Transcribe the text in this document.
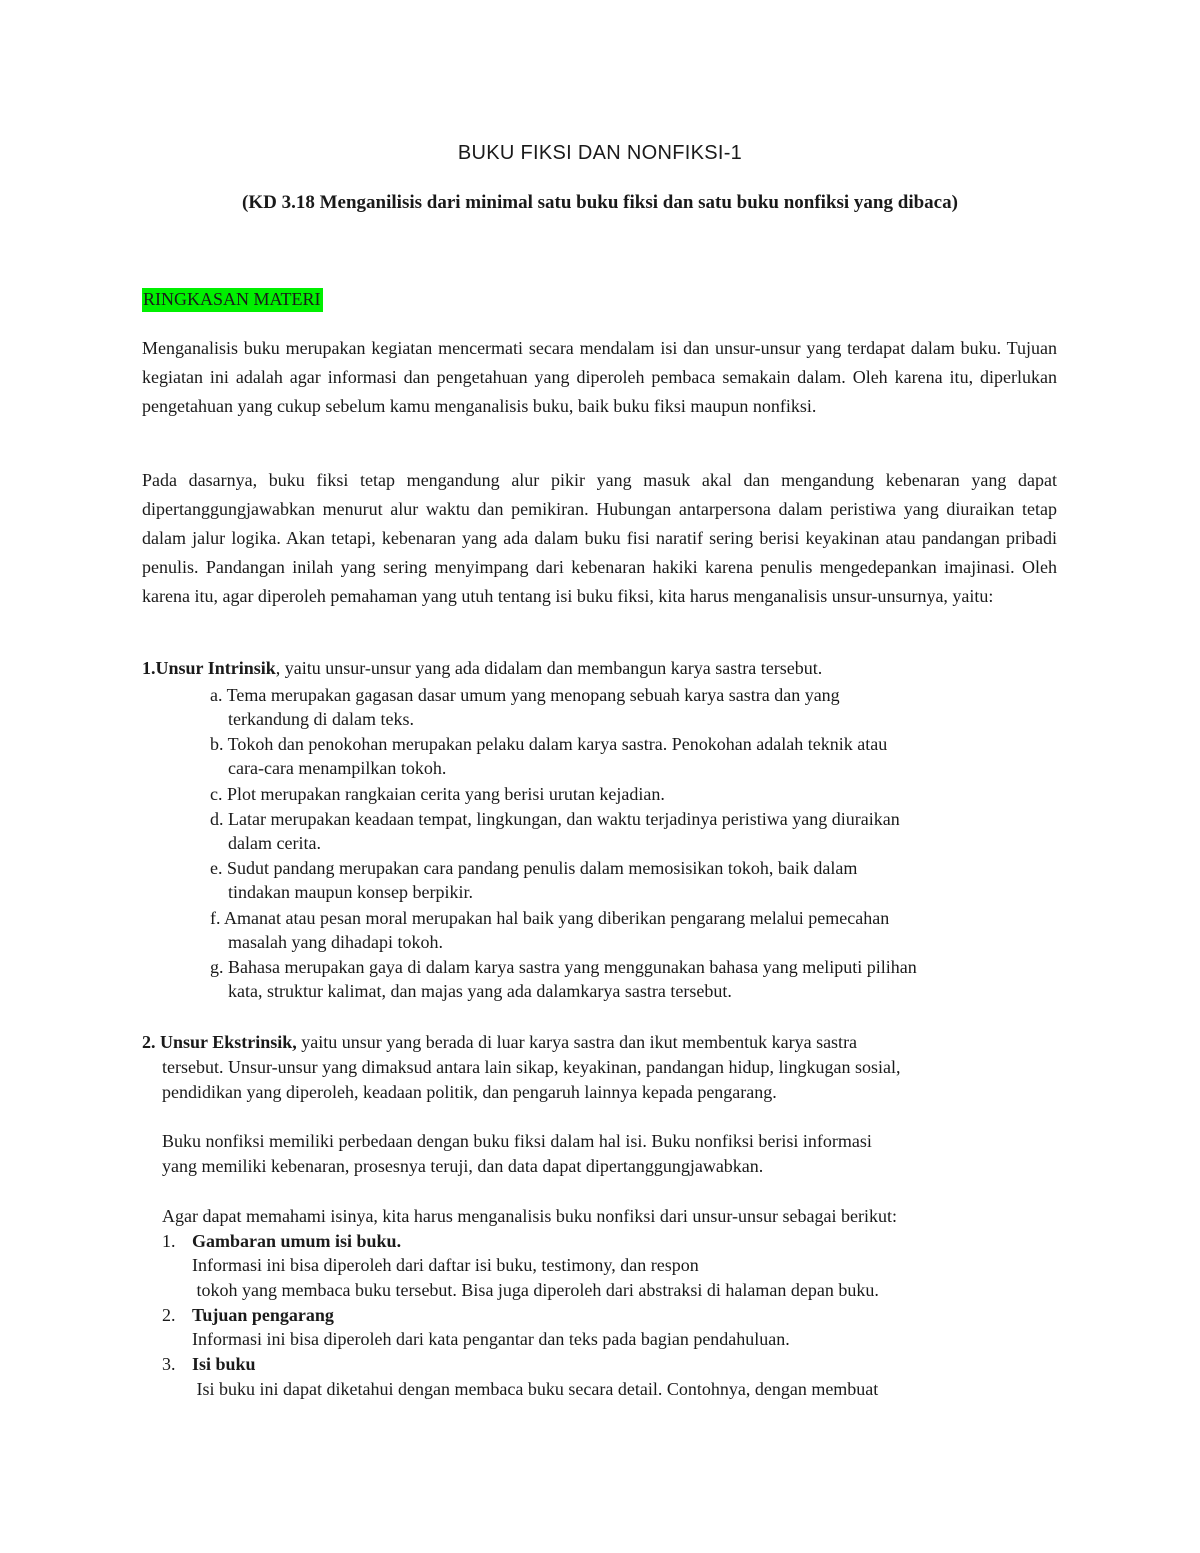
BUKU FIKSI DAN NONFIKSI-1

(KD 3.18 Menganilisis dari minimal satu buku fiksi dan satu buku nonfiksi yang dibaca)

RINGKASAN MATERI

Menganalisis buku merupakan kegiatan mencermati secara mendalam isi dan unsur-unsur yang terdapat dalam buku. Tujuan kegiatan ini adalah agar informasi dan pengetahuan yang diperoleh pembaca semakain dalam. Oleh karena itu, diperlukan pengetahuan yang cukup sebelum kamu menganalisis buku, baik buku fiksi maupun nonfiksi.

Pada dasarnya, buku fiksi tetap mengandung alur pikir yang masuk akal dan mengandung kebenaran yang dapat dipertanggungjawabkan menurut alur waktu dan pemikiran. Hubungan antarpersona dalam peristiwa yang diuraikan tetap dalam jalur logika. Akan tetapi, kebenaran yang ada dalam buku fisi naratif sering berisi keyakinan atau pandangan pribadi penulis. Pandangan inilah yang sering menyimpang dari kebenaran hakiki karena penulis mengedepankan imajinasi. Oleh karena itu, agar diperoleh pemahaman yang utuh tentang isi buku fiksi, kita harus menganalisis unsur-unsurnya, yaitu:

1.Unsur Intrinsik, yaitu unsur-unsur yang ada didalam dan membangun karya sastra tersebut.

a. Tema merupakan gagasan dasar umum yang menopang sebuah karya sastra dan yang

terkandung di dalam teks.

b. Tokoh dan penokohan merupakan pelaku dalam karya sastra. Penokohan adalah teknik atau

cara-cara menampilkan tokoh.

c. Plot merupakan rangkaian cerita yang berisi urutan kejadian.

d. Latar merupakan keadaan tempat, lingkungan, dan waktu terjadinya peristiwa yang diuraikan

dalam cerita.

e. Sudut pandang merupakan cara pandang penulis dalam memosisikan tokoh, baik dalam

tindakan maupun konsep berpikir.

f. Amanat atau pesan moral merupakan hal baik yang diberikan pengarang melalui pemecahan

masalah yang dihadapi tokoh.

g. Bahasa merupakan gaya di dalam karya sastra yang menggunakan bahasa yang meliputi pilihan

kata, struktur kalimat, dan majas yang ada dalamkarya sastra tersebut.

2. Unsur Ekstrinsik, yaitu unsur yang berada di luar karya sastra dan ikut membentuk karya sastra

tersebut. Unsur-unsur yang dimaksud antara lain sikap, keyakinan, pandangan hidup, lingkugan sosial,

pendidikan yang diperoleh, keadaan politik, dan pengaruh lainnya kepada pengarang.

Buku nonfiksi memiliki perbedaan dengan buku fiksi dalam hal isi. Buku nonfiksi berisi informasi

yang memiliki kebenaran, prosesnya teruji, dan data dapat dipertanggungjawabkan.

Agar dapat memahami isinya, kita harus menganalisis buku nonfiksi dari unsur-unsur sebagai berikut:

1. Gambaran umum isi buku.

Informasi ini bisa diperoleh dari daftar isi buku, testimony, dan respon

tokoh yang membaca buku tersebut. Bisa juga diperoleh dari abstraksi di halaman depan buku.

2. Tujuan pengarang

Informasi ini bisa diperoleh dari kata pengantar dan teks pada bagian pendahuluan.

3. Isi buku

Isi buku ini dapat diketahui dengan membaca buku secara detail. Contohnya, dengan membuat
